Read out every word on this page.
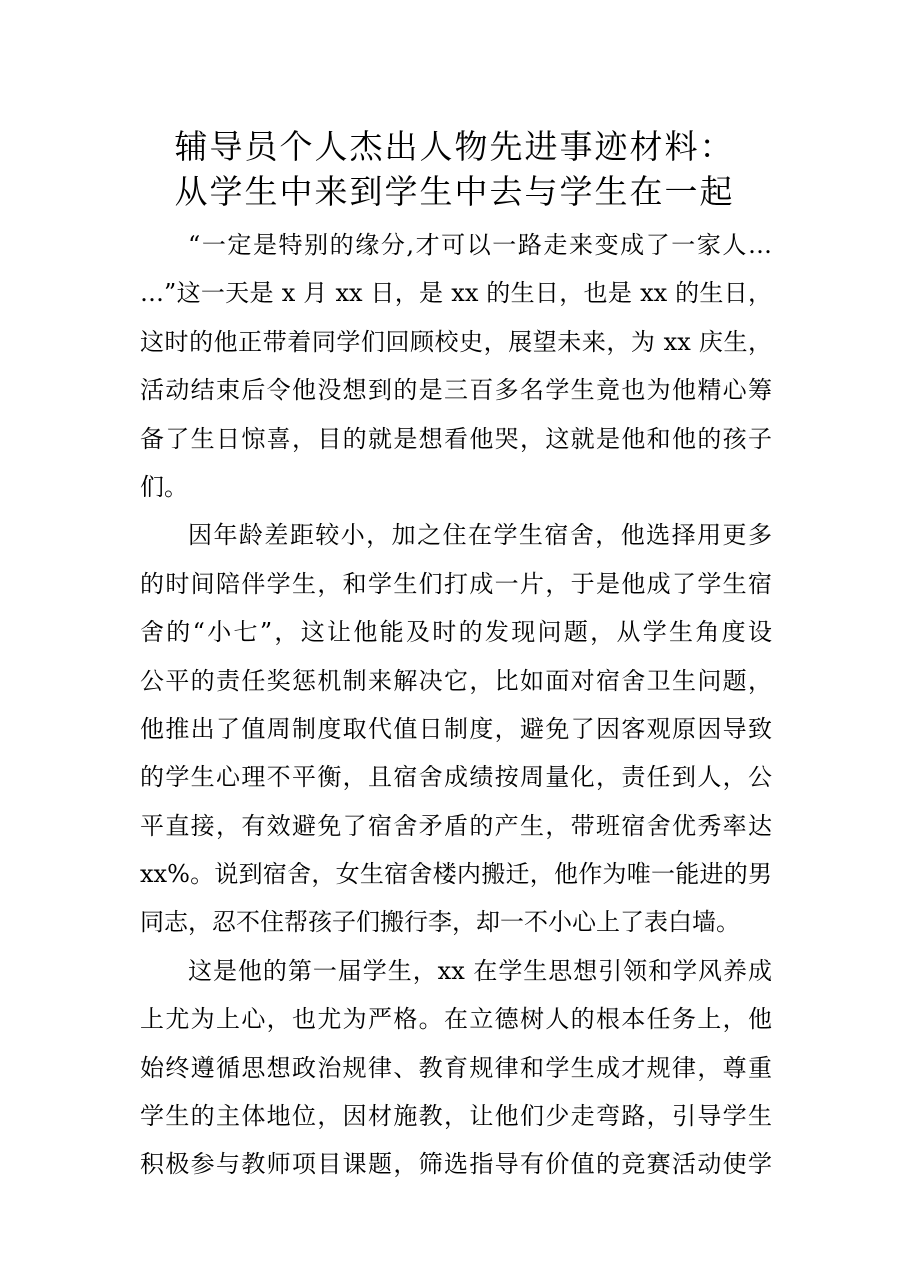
辅导员个人杰出人物先进事迹材料：
从学生中来到学生中去与学生在一起
“一定是特别的缘分,才可以一路走来变成了一家人…
…”这一天是 x 月 xx 日，是 xx 的生日，也是 xx 的生日，
这时的他正带着同学们回顾校史，展望未来，为 xx 庆生，
活动结束后令他没想到的是三百多名学生竟也为他精心筹
备了生日惊喜，目的就是想看他哭，这就是他和他的孩子
们。
因年龄差距较小，加之住在学生宿舍，他选择用更多
的时间陪伴学生，和学生们打成一片，于是他成了学生宿
舍的“小七”，这让他能及时的发现问题，从学生角度设
公平的责任奖惩机制来解决它，比如面对宿舍卫生问题，
他推出了值周制度取代值日制度，避免了因客观原因导致
的学生心理不平衡，且宿舍成绩按周量化，责任到人，公
平直接，有效避免了宿舍矛盾的产生，带班宿舍优秀率达
xx%。说到宿舍，女生宿舍楼内搬迁，他作为唯一能进的男
同志，忍不住帮孩子们搬行李，却一不小心上了表白墙。
这是他的第一届学生，xx 在学生思想引领和学风养成
上尤为上心，也尤为严格。在立德树人的根本任务上，他
始终遵循思想政治规律、教育规律和学生成才规律，尊重
学生的主体地位，因材施教，让他们少走弯路，引导学生
积极参与教师项目课题，筛选指导有价值的竞赛活动使学
